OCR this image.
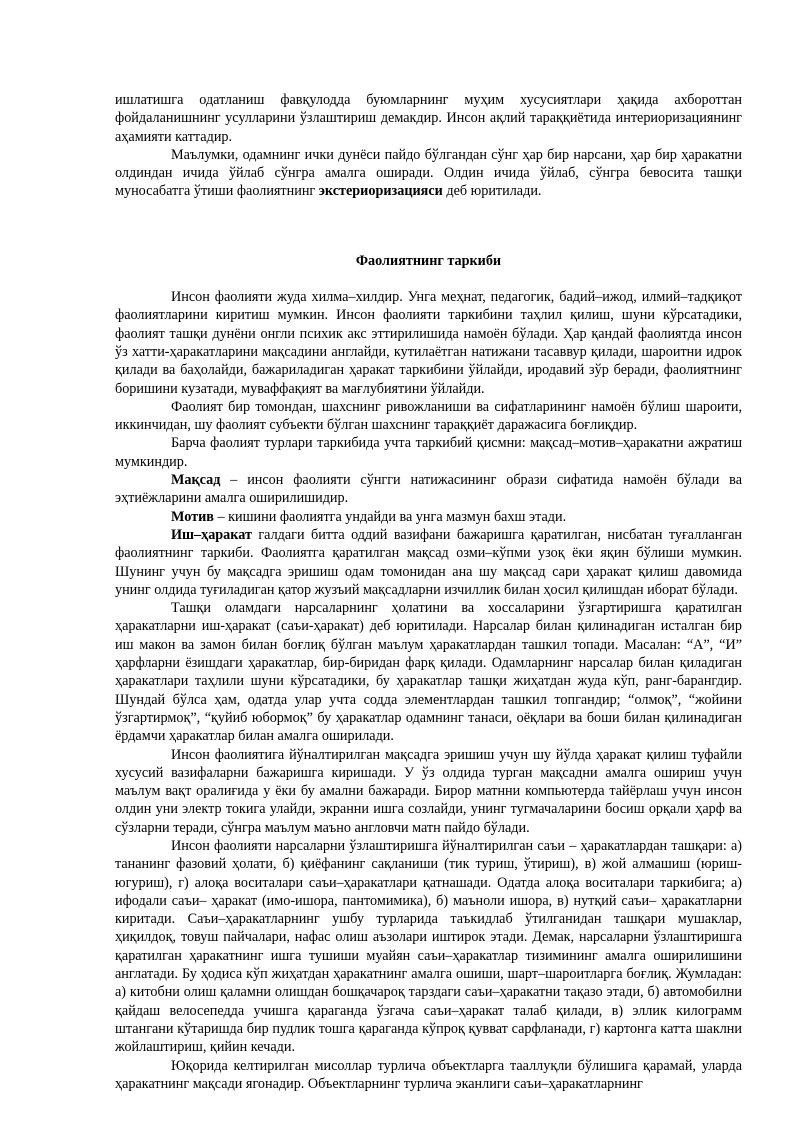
ишлатишга одатланиш фавқулодда буюмларнинг муҳим хусусиятлари ҳақида ахбороттан фойдаланишнинг усулларини ўзлаштириш демакдир. Инсон ақлий тараққиётида интериоризациянинг аҳамияти каттадир.

Маълумки, одамнинг ички дунёси пайдо бўлгандан сўнг ҳар бир нарсани, ҳар бир ҳаракатни олдиндан ичида ўйлаб сўнгра амалга оширади. Олдин ичида ўйлаб, сўнгра бевосита ташқи муносабатга ўтиши фаолиятнинг экстериоризацияси деб юритилади.

Фаолиятнинг таркиби

Инсон фаолияти жуда хилма–хилдир. Унга меҳнат, педагогик, бадий–ижод, илмий–тадқиқот фаолиятларини киритиш мумкин. Инсон фаолияти таркибини таҳлил қилиш, шуни кўрсатадики, фаолият ташқи дунёни онгли психик акс эттирилишида намоён бўлади. Ҳар қандай фаолиятда инсон ўз хатти-ҳаракатларини мақсадини англайди, кутилаётган натижани тасаввур қилади, шароитни идрок қилади ва баҳолайди, бажариладиган ҳаракат таркибини ўйлайди, иродавий зўр беради, фаолиятнинг боришини кузатади, муваффақият ва мағлубиятини ўйлайди.

Фаолият бир томондан, шахснинг ривожланиши ва сифатларининг намоён бўлиш шароити, иккинчидан, шу фаолият субъекти бўлган шахснинг тараққиёт даражасига боғлиқдир.

Барча фаолият турлари таркибида учта таркибий қисмни: мақсад–мотив–ҳаракатни ажратиш мумкиндир.

Мақсад – инсон фаолияти сўнгги натижасининг образи сифатида намоён бўлади ва эҳтиёжларини амалга оширилишидир.

Мотив – кишини фаолиятга ундайди ва унга мазмун бахш этади.

Иш–ҳаракат галдаги битта оддий вазифани бажаришга қаратилган, нисбатан туғалланган фаолиятнинг таркиби. Фаолиятга қаратилган мақсад озми–кўпми узоқ ёки яқин бўлиши мумкин. Шунинг учун бу мақсадга эришиш одам томонидан ана шу мақсад сари ҳаракат қилиш давомида унинг олдида туғиладиган қатор жузъий мақсадларни изчиллик билан ҳосил қилишдан иборат бўлади.

Ташқи оламдаги нарсаларнинг ҳолатини ва хоссаларини ўзгартиришга қаратилган ҳаракатларни иш-ҳаракат (саъи-ҳаракат) деб юритилади. Нарсалар билан қилинадиган исталган бир иш макон ва замон билан боғлиқ бўлган маълум ҳаракатлардан ташкил топади. Масалан: “А”, “И” ҳарфларни ёзишдаги ҳаракатлар, бир-биридан фарқ қилади. Одамларнинг нарсалар билан қиладиган ҳаракатлари таҳлили шуни кўрсатадики, бу ҳаракатлар ташқи жиҳатдан жуда кўп, ранг-барангдир. Шундай бўлса ҳам, одатда улар учта содда элементлардан ташкил топгандир; “олмоқ”, “жойини ўзгартирмоқ”, “қуйиб юбормоқ” бу ҳаракатлар одамнинг танаси, оёқлари ва боши билан қилинадиган ёрдамчи ҳаракатлар билан амалга оширилади.

Инсон фаолиятига йўналтирилган мақсадга эришиш учун шу йўлда ҳаракат қилиш туфайли хусусий вазифаларни бажаришга киришади. У ўз олдида турган мақсадни амалга ошириш учун маълум вақт оралиғида у ёки бу амални бажаради. Бирор матнни компьютерда тайёрлаш учун инсон олдин уни электр токига улайди, экранни ишга созлайди, унинг тугмачаларини босиш орқали ҳарф ва сўзларни теради, сўнгра маълум маъно англовчи матн пайдо бўлади.

Инсон фаолияти нарсаларни ўзлаштиришга йўналтирилган саъи – ҳаракатлардан ташқари: а) тананинг фазовий ҳолати, б) қиёфанинг сақланиши (тик туриш, ўтириш), в) жой алмашиш (юриш-югуриш), г) алоқа воситалари саъи–ҳаракатлари қатнашади. Одатда алоқа воситалари таркибига; а) ифодали саъи– ҳаракат (имо-ишора, пантомимика), б) маъноли ишора, в) нутқий саъи– ҳаракатларни киритади. Саъи–ҳаракатларнинг ушбу турларида таъкидлаб ўтилганидан ташқари мушаклар, ҳиқилдоқ, товуш пайчалари, нафас олиш аъзолари иштирок этади. Демак, нарсаларни ўзлаштиришга қаратилган ҳаракатнинг ишга тушиши муайян саъи–ҳаракатлар тизимининг амалга оширилишини англатади. Бу ҳодиса кўп жиҳатдан ҳаракатнинг амалга ошиши, шарт–шароитларга боғлиқ. Жумладан: а) китобни олиш қаламни олишдан бошқачароқ тарздаги саъи–ҳаракатни тақазо этади, б) автомобилни қайдаш велосепедда учишга қараганда ўзгача саъи–ҳаракат талаб қилади, в) эллик килограмм штангани кўтаришда бир пудлик тошга қараганда кўпроқ қувват сарфланади, г) картонга катта шаклни жойлаштириш, қийин кечади.

Юқорида келтирилган мисоллар турлича объектларга тааллуқли бўлишига қарамай, уларда ҳаракатнинг мақсади ягонадир. Объектларнинг турлича эканлиги саъи–ҳаракатларнинг
